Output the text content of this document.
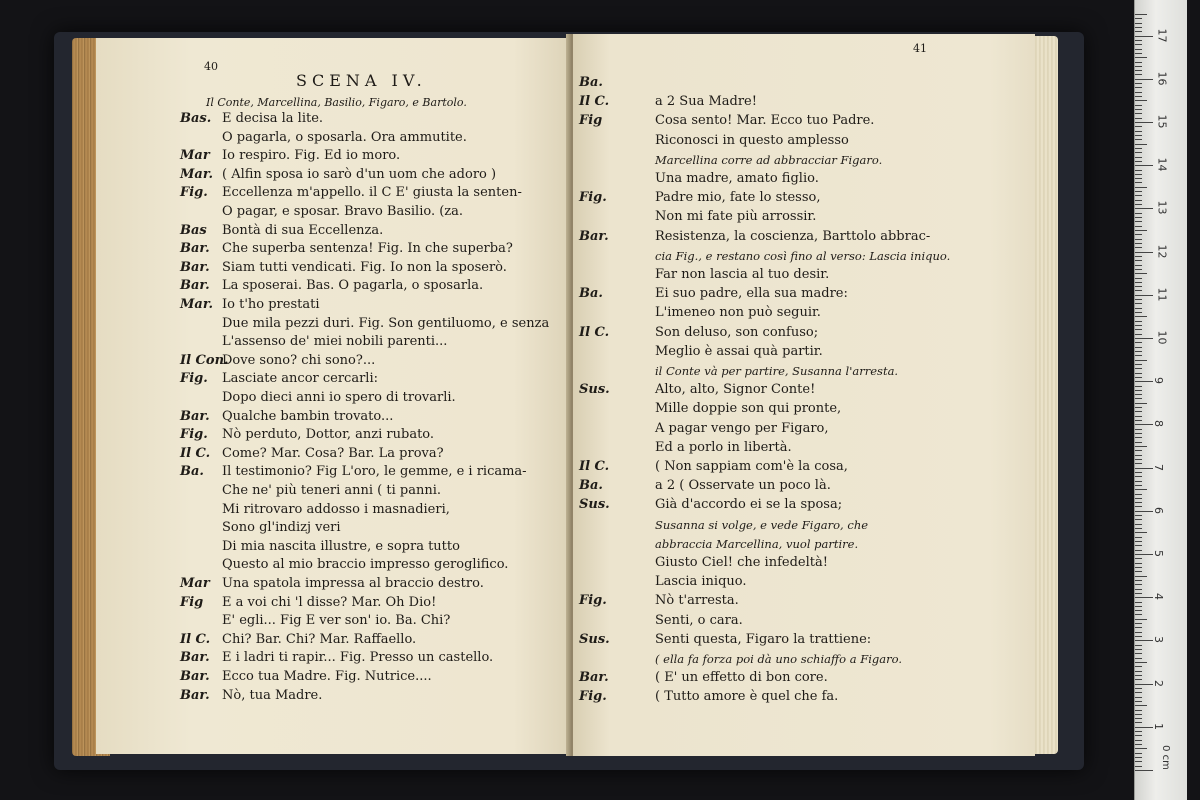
40
SCENA IV.
Il Conte, Marcellina, Basilio, Figaro, e Bartolo.
Bas. E decisa la lite.
O pagarla, o sposarla. Ora ammutite.
Mar Io respiro. Fig. Ed io moro.
Mar. ( Alfin sposa io sarò d'un uom che adoro )
Fig. Eccellenza m'appello. il C E' giusta la senten-
O pagar, e sposar. Bravo Basilio. (za.
Bas Bontà di sua Eccellenza.
Bar. Che superba sentenza! Fig. In che superba?
Bar. Siam tutti vendicati. Fig. Io non la sposerò.
Bar. La sposerai. Bas. O pagarla, o sposarla.
Mar. Io t'ho prestati
Due mila pezzi duri. Fig. Son gentiluomo, e senza
L'assenso de' miei nobili parenti...
Il Con.Dove sono? chi sono?...
Fig. Lasciate ancor cercarli:
Dopo dieci anni io spero di trovarli.
Bar. Qualche bambin trovato...
Fig. Nò perduto, Dottor, anzi rubato.
Il C. Come? Mar. Cosa? Bar. La prova?
Ba. Il testimonio? Fig L'oro, le gemme, e i ricama-
Che ne' più teneri anni ( ti panni.
Mi ritrovaro addosso i masnadieri,
Sono gl'indizj veri
Di mia nascita illustre, e sopra tutto
Questo al mio braccio impresso geroglifico.
Mar Una spatola impressa al braccio destro.
Fig E a voi chi 'l disse? Mar. Oh Dio!
E' egli... Fig E ver son' io. Ba. Chi?
Il C. Chi? Bar. Chi? Mar. Raffaello.
Bar. E i ladri ti rapir... Fig. Presso un castello.
Bar. Ecco tua Madre. Fig. Nutrice....
Bar. Nò, tua Madre.
41
Ba.
Il C.	a 2 Sua Madre!
Fig	Cosa sento! Mar. Ecco tuo Padre.
Riconosci in questo amplesso
Marcellina corre ad abbracciar Figaro.
Una madre, amato figlio.
Fig.	Padre mio, fate lo stesso,
Non mi fate più arrossir.
Bar.	Resistenza, la coscienza, Barttolo abbrac-
cia Fig., e restano così fino al verso: Lascia iniquo.
Far non lascia al tuo desir.
Ba.	Ei suo padre, ella sua madre:
L'imeneo non può seguir.
Il C.	Son deluso, son confuso;
Meglio è assai quà partir.
il Conte và per partire, Susanna l'arresta.
Sus.	Alto, alto, Signor Conte!
Mille doppie son qui pronte,
A pagar vengo per Figaro,
Ed a porlo in libertà.
Il C.	( Non sappiam com'è la cosa,
Ba.	a 2 ( Osservate un poco là.
Sus.	Già d'accordo ei se la sposa;
Susanna si volge, e vede Figaro, che
abbraccia Marcellina, vuol partire.
Giusto Ciel! che infedeltà!
Lascia iniquo.
Fig.	Nò t'arresta.
Senti, o cara.
Sus.	Senti questa, Figaro la trattiene:
( ella fa forza poi dà uno schiaffo a Figaro.
Bar.	( E' un effetto di bon core.
Fig.	( Tutto amore è quel che fa.
0 cm
17
16
15
14
13
12
11
10
9
8
7
6
5
4
3
2
1
